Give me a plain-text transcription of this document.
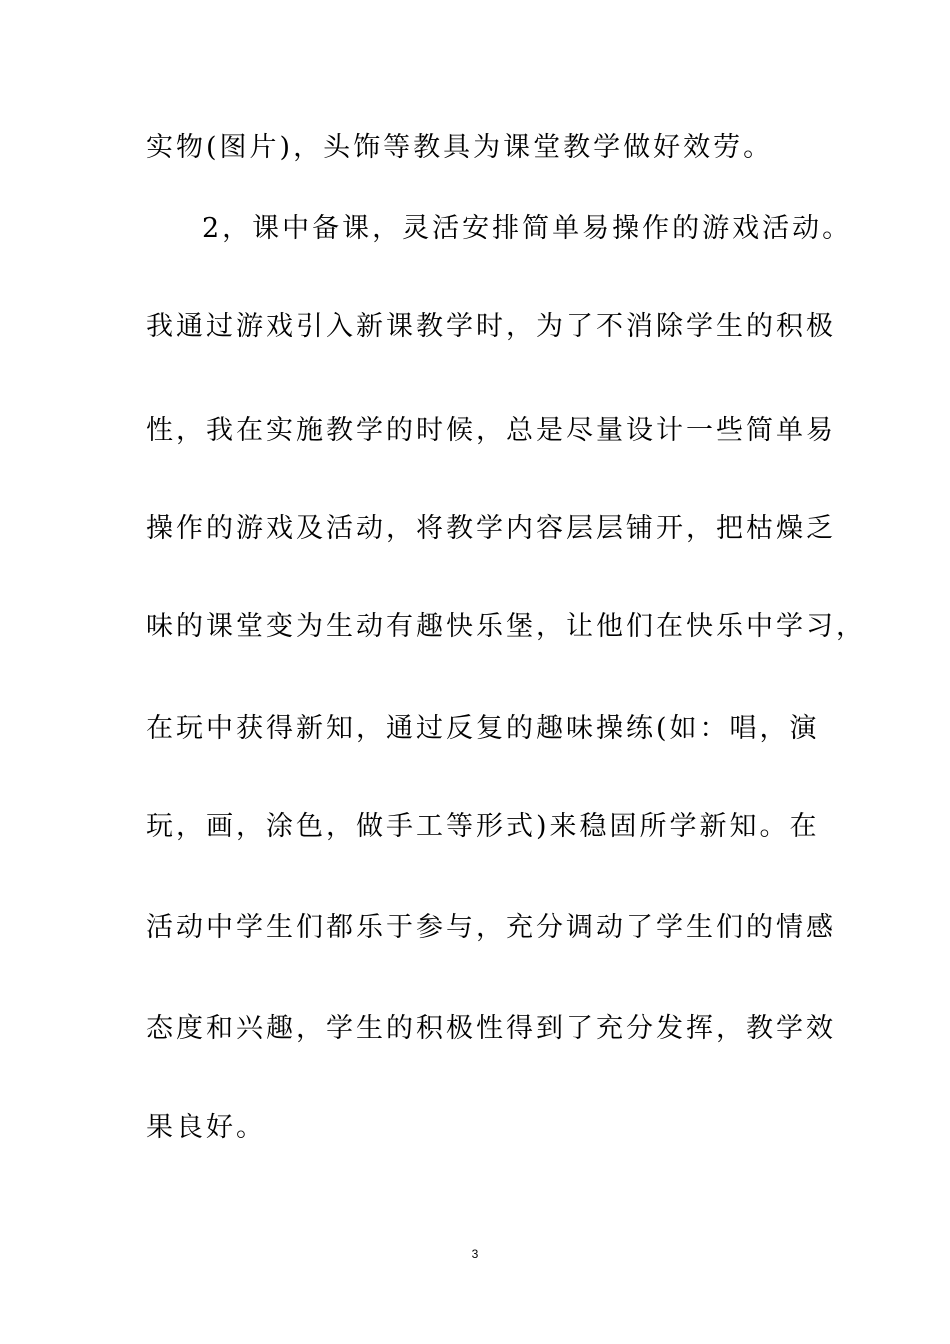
实物(图片)，头饰等教具为课堂教学做好效劳。
2，课中备课，灵活安排简单易操作的游戏活动。
我通过游戏引入新课教学时，为了不消除学生的积极
性，我在实施教学的时候，总是尽量设计一些简单易
操作的游戏及活动，将教学内容层层铺开，把枯燥乏
味的课堂变为生动有趣快乐堡，让他们在快乐中学习，
在玩中获得新知，通过反复的趣味操练(如：唱，演
玩，画，涂色，做手工等形式)来稳固所学新知。在
活动中学生们都乐于参与，充分调动了学生们的情感
态度和兴趣，学生的积极性得到了充分发挥，教学效
果良好。
3
